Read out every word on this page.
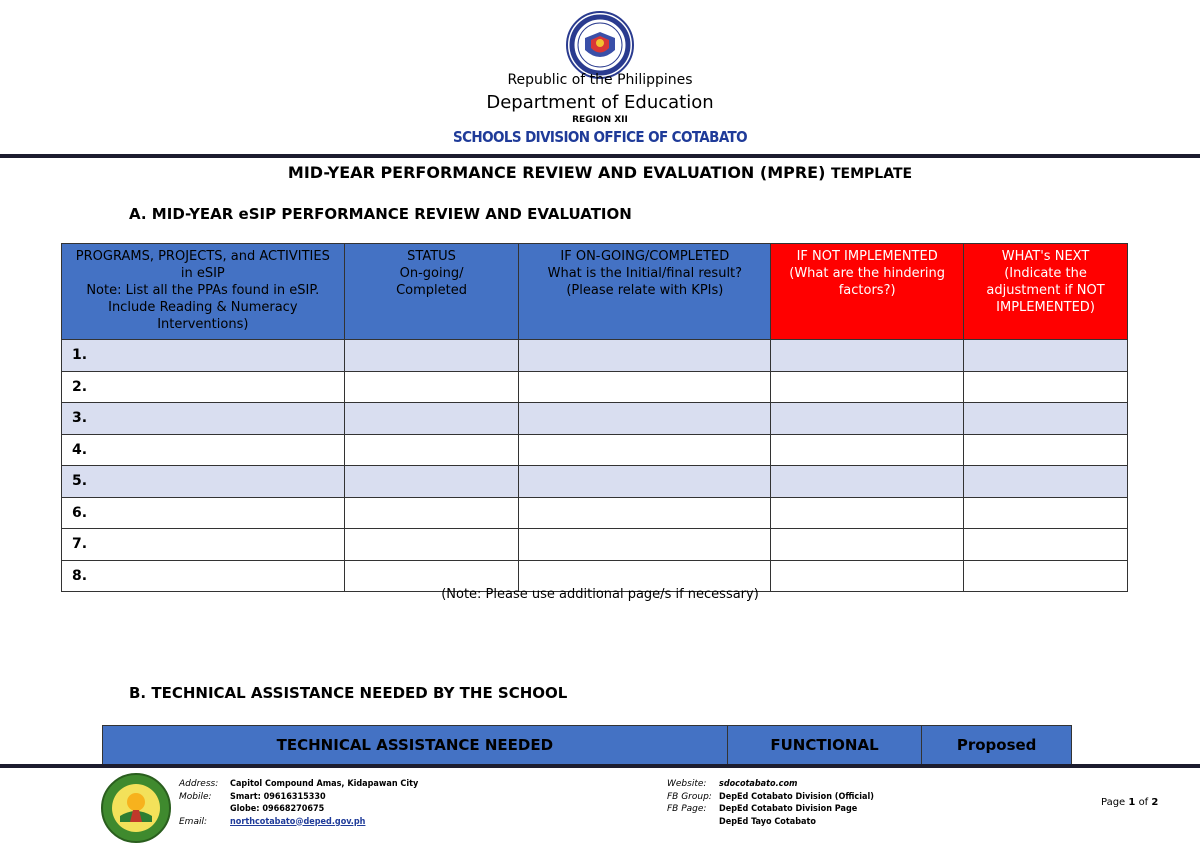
Republic of the Philippines
Department of Education
REGION XII
SCHOOLS DIVISION OFFICE OF COTABATO
MID-YEAR PERFORMANCE REVIEW AND EVALUATION (MPRE) TEMPLATE
A. MID-YEAR eSIP PERFORMANCE REVIEW AND EVALUATION
PROGRAMS, PROJECTS, and ACTIVITIES in eSIP
Note: List all the PPAs found in eSIP. Include Reading & Numeracy Interventions)	STATUS
On-going/
Completed	IF ON-GOING/COMPLETED
What is the Initial/final result?
(Please relate with KPIs)	IF NOT IMPLEMENTED
(What are the hindering factors?)	WHAT's NEXT
(Indicate the adjustment if NOT IMPLEMENTED)
1.				
2.				
3.				
4.				
5.				
6.				
7.				
8.				
(Note: Please use additional page/s if necessary)
B. TECHNICAL ASSISTANCE NEEDED BY THE SCHOOL
TECHNICAL ASSISTANCE NEEDED	FUNCTIONAL	Proposed
Address: Capitol Compound Amas, Kidapawan City
Mobile: Smart: 09616315330
Globe: 09668270675
Email:	northcotabato@deped.gov.ph
Website: sdocotabato.com
FB Group: DepEd Cotabato Division (Official)
FB Page: DepEd Cotabato Division Page
DepEd Tayo Cotabato
Page 1 of 2
